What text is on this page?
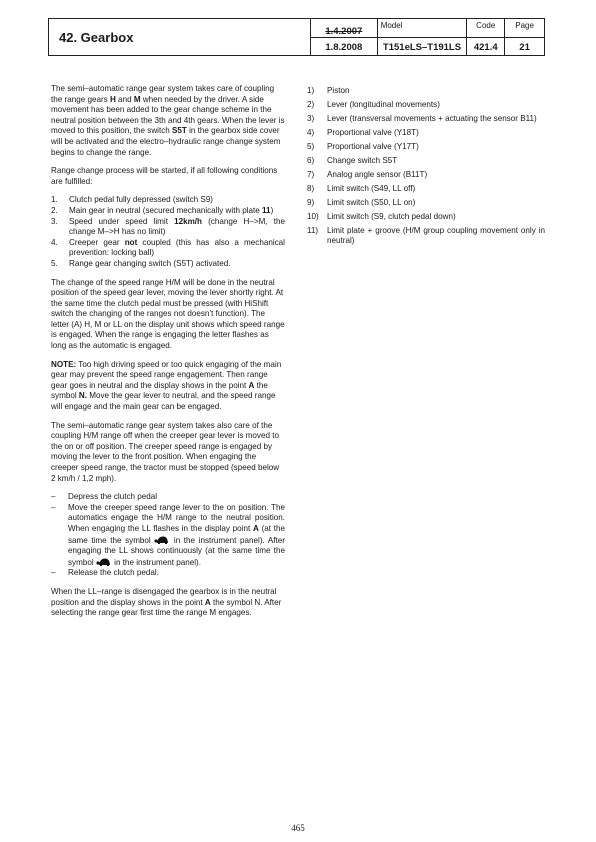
42. Gearbox	1.4.2007
1.8.2008
Model
T151eLS–T191LS
Code
421.4
Page
21

The semi–automatic range gear system takes care of coupling the range gears H and M when needed by the driver. A side movement has been added to the gear change scheme in the neutral position between the 3th and 4th gears. When the lever is moved to this position, the switch S5T in the gearbox side cover will be activated and the electro–hydraulic range change system begins to change the range.

Range change process will be started, if all following conditions are fulfilled:

1.	Clutch pedal fully depressed (switch S9)
2.	Main gear in neutral (secured mechanically with plate 11)
3.	Speed under speed limit 12km/h (change H–>M, the change M–>H has no limit)
4.	Creeper gear not coupled (this has also a mechanical prevention: locking ball)
5.	Range gear changing switch (S5T) activated.

The change of the speed range H/M will be done in the neutral position of the speed gear lever, moving the lever shortly right. At the same time the clutch pedal must be pressed (with HiShift switch the changing of the ranges not doesn’t function). The letter (A) H, M or LL on the display unit shows which speed range is engaged. When the range is engaging the letter flashes as long as the automatic is engaged.

NOTE: Too high driving speed or too quick engaging of the main gear may prevent the speed range engagement. Then range gear goes in neutral and the display shows in the point A the symbol N. Move the gear lever to neutral, and the speed range will engage and the main gear can be engaged.

The semi–automatic range gear system takes also care of the coupling H/M range off when the creeper gear lever is moved to the on or off position. The creeper speed range is engaged by moving the lever to the front position. When engaging the creeper speed range, the tractor must be stopped (speed below 2 km/h / 1,2 mph).

–	Depress the clutch pedal
–	Move the creeper speed range lever to the on position. The automatics engage the H/M range to the neutral position. When engaging the LL flashes in the display point A (at the same time the symbol  in the instrument panel). After engaging the LL shows continuously (at the same time the symbol  in the instrument panel).
–	Release the clutch pedal.

When the LL–range is disengaged the gearbox is in the neutral position and the display shows in the point A the symbol N. After selecting the range gear first time the range M engages.

1)	Piston
2)	Lever (longitudinal movements)
3)	Lever (transversal movements + actuating the sensor B11)
4)	Proportional valve (Y18T)
5)	Proportional valve (Y17T)
6)	Change switch S5T
7)	Analog angle sensor (B11T)
8)	Limit switch (S49, LL off)
9)	Limit switch (S50, LL on)
10)	Limit switch (S9, clutch pedal down)
11)	Limit plate + groove (H/M group coupling movement only in neutral)
465
